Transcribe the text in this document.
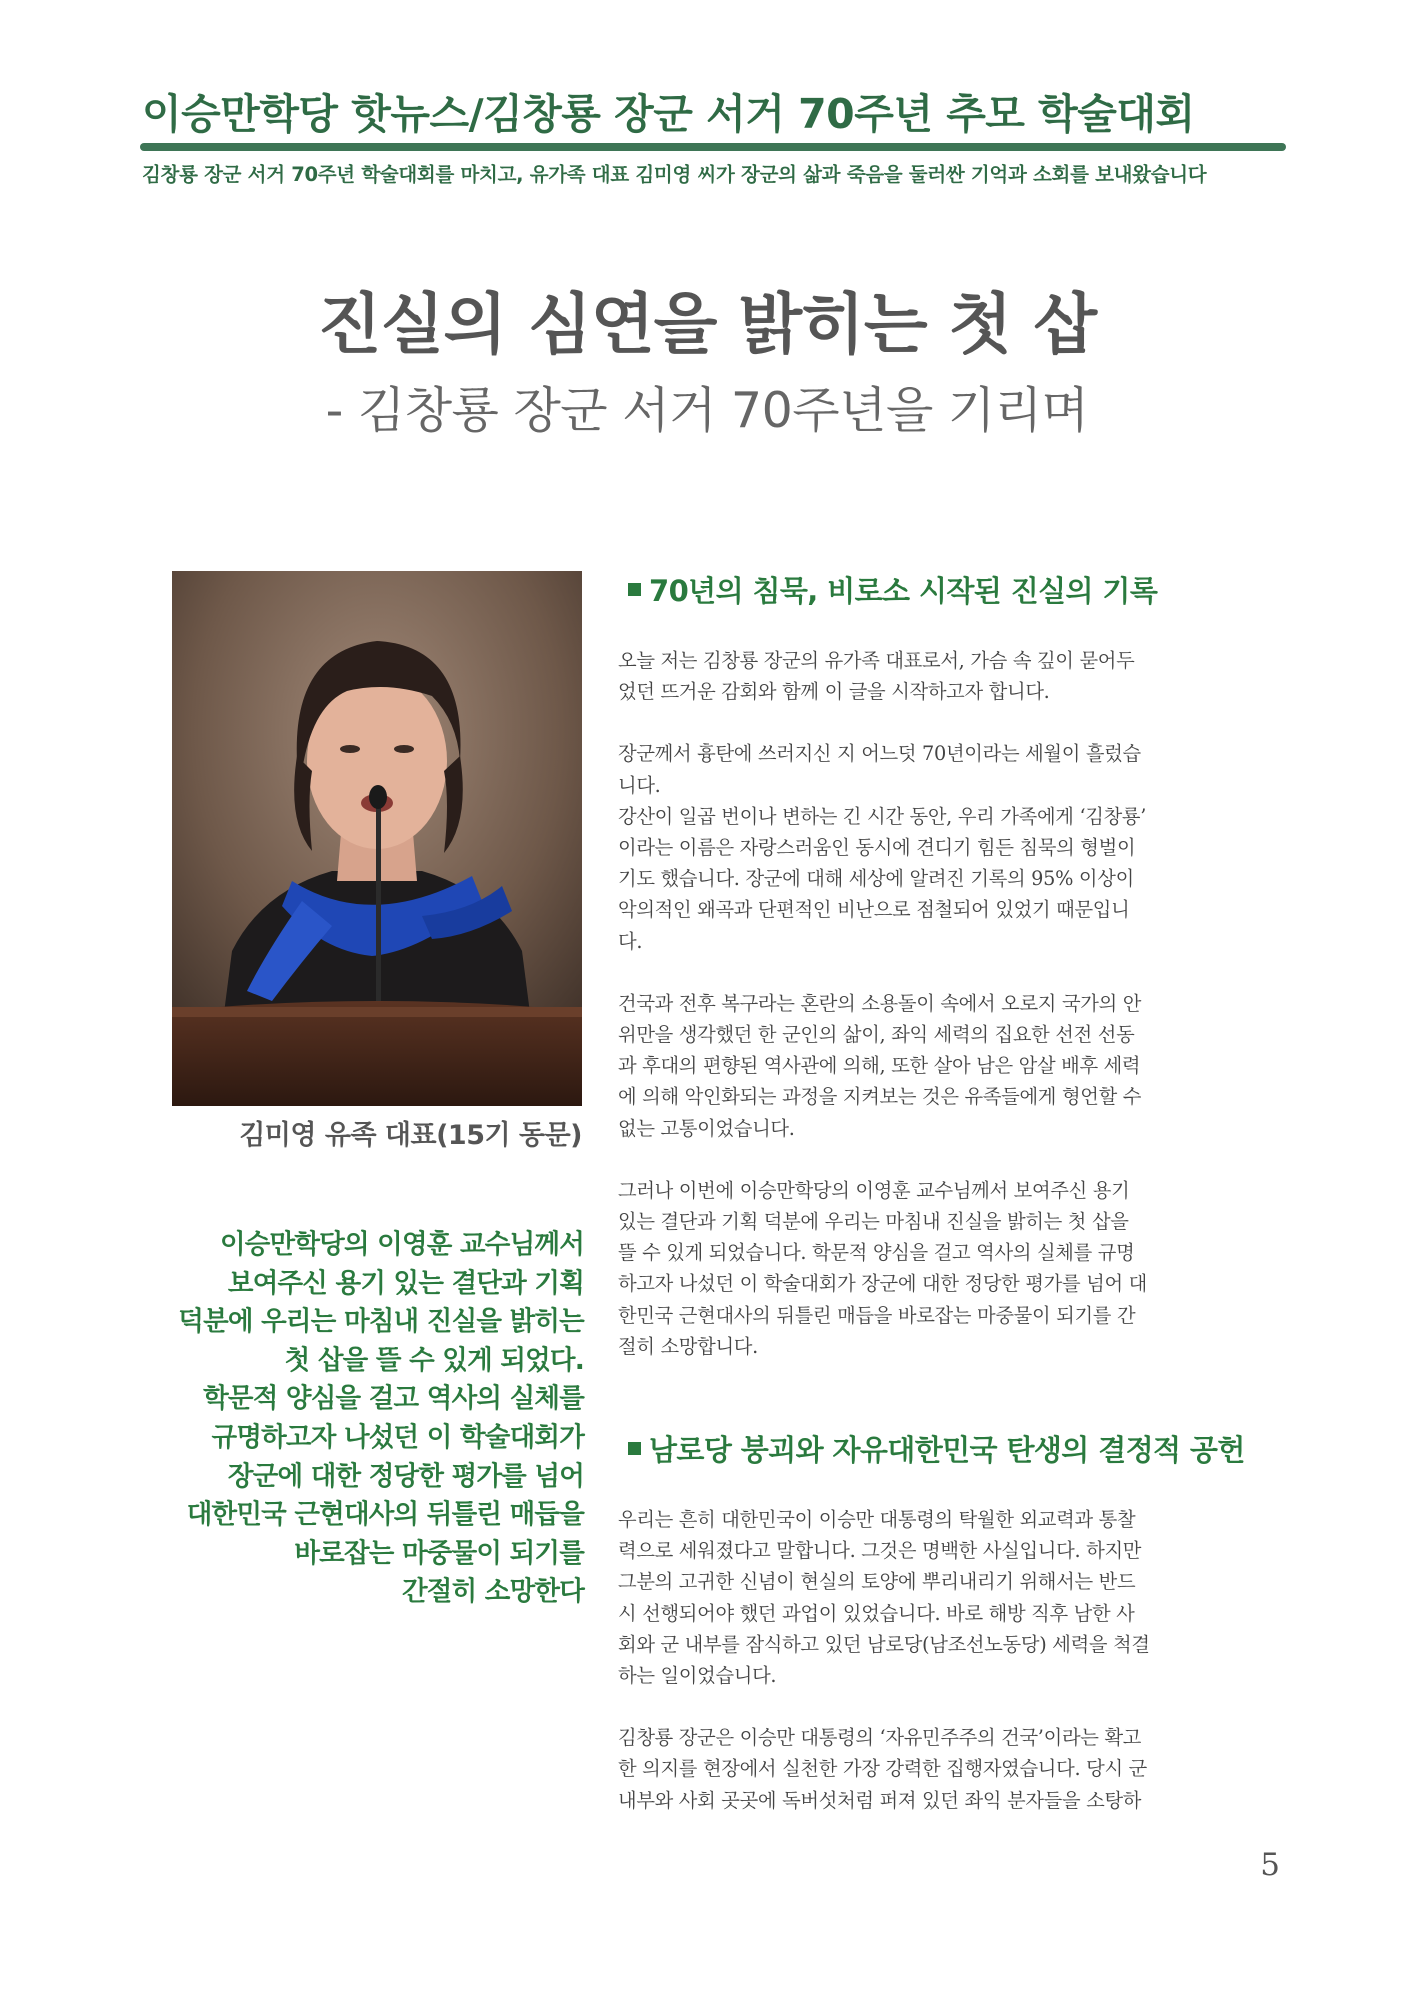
이승만학당 핫뉴스/김창룡 장군 서거 70주년 추모 학술대회
김창룡 장군 서거 70주년 학술대회를 마치고, 유가족 대표 김미영 씨가 장군의 삶과 죽음을 둘러싼 기억과 소회를 보내왔습니다
진실의 심연을 밝히는 첫 삽
- 김창룡 장군 서거 70주년을 기리며
김미영 유족 대표(15기 동문)
이승만학당의 이영훈 교수님께서
보여주신 용기 있는 결단과 기획
덕분에 우리는 마침내 진실을 밝히는
첫 삽을 뜰 수 있게 되었다.
학문적 양심을 걸고 역사의 실체를
규명하고자 나섰던 이 학술대회가
장군에 대한 정당한 평가를 넘어
대한민국 근현대사의 뒤틀린 매듭을
바로잡는 마중물이 되기를
간절히 소망한다
70년의 침묵, 비로소 시작된 진실의 기록
오늘 저는 김창룡 장군의 유가족 대표로서, 가슴 속 깊이 묻어두
었던 뜨거운 감회와 함께 이 글을 시작하고자 합니다.
장군께서 흉탄에 쓰러지신 지 어느덧 70년이라는 세월이 흘렀습
니다.
강산이 일곱 번이나 변하는 긴 시간 동안, 우리 가족에게 ‘김창룡’
이라는 이름은 자랑스러움인 동시에 견디기 힘든 침묵의 형벌이
기도 했습니다. 장군에 대해 세상에 알려진 기록의 95% 이상이
악의적인 왜곡과 단편적인 비난으로 점철되어 있었기 때문입니
다.
건국과 전후 복구라는 혼란의 소용돌이 속에서 오로지 국가의 안
위만을 생각했던 한 군인의 삶이, 좌익 세력의 집요한 선전 선동
과 후대의 편향된 역사관에 의해, 또한 살아 남은 암살 배후 세력
에 의해 악인화되는 과정을 지켜보는 것은 유족들에게 형언할 수
없는 고통이었습니다.
그러나 이번에 이승만학당의 이영훈 교수님께서 보여주신 용기
있는 결단과 기획 덕분에 우리는 마침내 진실을 밝히는 첫 삽을
뜰 수 있게 되었습니다. 학문적 양심을 걸고 역사의 실체를 규명
하고자 나섰던 이 학술대회가 장군에 대한 정당한 평가를 넘어 대
한민국 근현대사의 뒤틀린 매듭을 바로잡는 마중물이 되기를 간
절히 소망합니다.
남로당 붕괴와 자유대한민국 탄생의 결정적 공헌
우리는 흔히 대한민국이 이승만 대통령의 탁월한 외교력과 통찰
력으로 세워졌다고 말합니다. 그것은 명백한 사실입니다. 하지만
그분의 고귀한 신념이 현실의 토양에 뿌리내리기 위해서는 반드
시 선행되어야 했던 과업이 있었습니다. 바로 해방 직후 남한 사
회와 군 내부를 잠식하고 있던 남로당(남조선노동당) 세력을 척결
하는 일이었습니다.
김창룡 장군은 이승만 대통령의 ‘자유민주주의 건국’이라는 확고
한 의지를 현장에서 실천한 가장 강력한 집행자였습니다. 당시 군
내부와 사회 곳곳에 독버섯처럼 퍼져 있던 좌익 분자들을 소탕하
5
